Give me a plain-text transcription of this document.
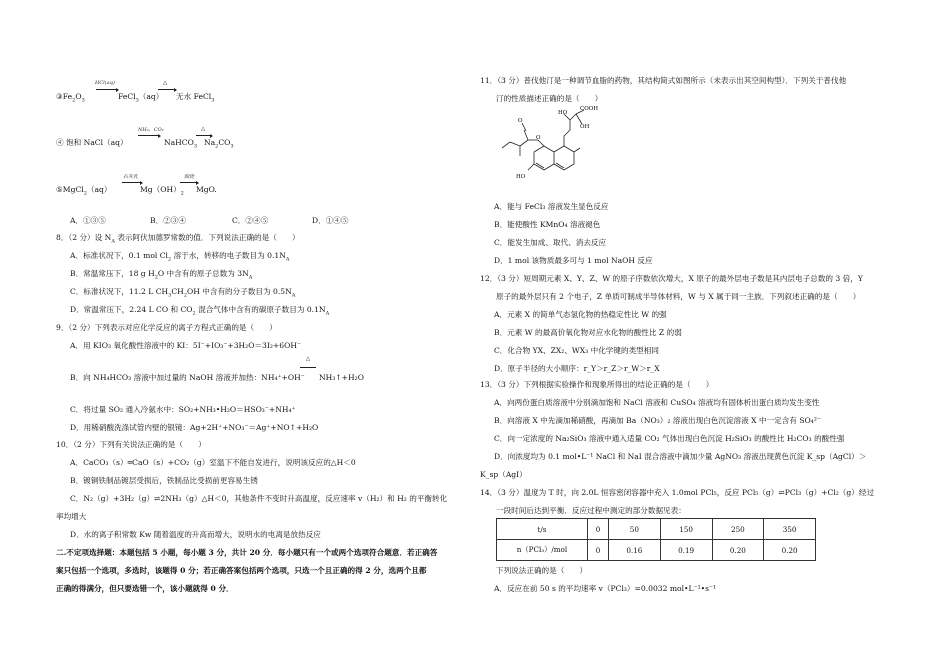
HCl(aq)	△
$③Fe_2O_3$	FeCl$_3$（aq） 无水 FeCl$_3$
NH₃、CO₂	△
④ 饱和 NaCl（aq）	NaHCO$_3$ $Na_2CO_3$
石灰乳	煅烧
⑤MgCl$_2$（aq）	$Mg(OH)_2$ MgO.
A．①③⑤	B．②③④	C．②④⑤	D．①④⑤
8．（2 分）设 $N_A$ 表示阿伏加德罗常数的值．下列说法正确的是（　　）
A．标准状况下，0.1 mol $Cl_2$ 溶于水，转移的电子数目为 $0.1N_A$
B．常温常压下，18 g $H_2O$ 中含有的原子总数为 $3N_A$
C．标准状况下，11.2 L $CH_3CH_2OH$ 中含有的分子数目为 $0.5N_A$
D．常温常压下，2.24 L CO 和 $CO_2$ 混合气体中含有的碳原子数目为 $0.1N_A$
9．（2 分）下列表示对应化学反应的离子方程式正确的是（　　）
A．用 KIO₃ 氧化酸性溶液中的 KI：5I⁻+IO₃⁻+3H₂O＝3I₂+6OH⁻
△
B．向 NH₄HCO₃ 溶液中加过量的 NaOH 溶液并加热：NH₄⁺+OH⁻ NH₃↑+H₂O
C．将过量 SO₂ 通入冷氨水中：SO₂+NH₃•H₂O＝HSO₃⁻+NH₄⁺
D．用稀硝酸洗涤试管内壁的银镜：Ag+2H⁺+NO₃⁻＝Ag⁺+NO↑+H₂O
10．（2 分）下列有关说法正确的是（　　）
A．CaCO₃（s）═CaO（s）+CO₂（g）室温下不能自发进行，说明该反应的△H＜0
B．镀铜铁制品镀层受损后，铁制品比受损前更容易生锈
C．N₂（g）+3H₂（g）⇌2NH₃（g）△H＜0，其他条件不变时升高温度，反应速率 v（H₂）和 H₂ 的平衡转化
率均增大
D．水的离子积常数 Kw 随着温度的升高而增大，说明水的电离是放热反应
二.不定项选择题：本题包括 5 小题，每小题 3 分，共计 20 分．每小题只有一个或两个选项符合题意．若正确答
案只包括一个选项，多选时，该题得 0 分；若正确答案包括两个选项，只选一个且正确的得 2 分，选两个且都
正确的得满分，但只要选错一个，该小题就得 0 分．
11．（3 分）普伐他汀是一种调节血脂的药物，其结构简式如图所示（未表示出其空间构型）．下列关于普伐他
汀的性质描述正确的是（　　）
HO
COOH
OH
O
O
HO
A．能与 FeCl₃ 溶液发生显色反应
B．能使酸性 KMnO₄ 溶液褪色
C．能发生加成、取代、消去反应
D．1 mol 该物质最多可与 1 mol NaOH 反应
12．（3 分）短周期元素 X、Y、Z、W 的原子序数依次增大，X 原子的最外层电子数是其内层电子总数的 3 倍，Y
原子的最外层只有 2 个电子，Z 单质可制成半导体材料，W 与 X 属于同一主族．下列叙述正确的是（　　）
A．元素 X 的简单气态氢化物的热稳定性比 W 的强
B．元素 W 的最高价氧化物对应水化物的酸性比 Z 的弱
C．化合物 YX、ZX₂、WX₃ 中化学键的类型相同
D．原子半径的大小顺序：r_Y＞r_Z＞r_W＞r_X
13．（3 分）下列根据实验操作和现象所得出的结论正确的是（　　）
A．向两份蛋白质溶液中分别滴加饱和 NaCl 溶液和 CuSO₄ 溶液均有固体析出蛋白质均发生变性
B．向溶液 X 中先滴加稀硝酸，再滴加 Ba（NO₃）₂ 溶液出现白色沉淀溶液 X 中一定含有 SO₄²⁻
C．向一定浓度的 Na₂SiO₃ 溶液中通入适量 CO₂ 气体出现白色沉淀 H₂SiO₃ 的酸性比 H₂CO₃ 的酸性强
D．向浓度均为 0.1 mol•L⁻¹ NaCl 和 NaI 混合溶液中滴加少量 AgNO₃ 溶液出现黄色沉淀 K_sp（AgCl）＞
K_sp（AgI）
14．（3 分）温度为 T 时，向 2.0L 恒容密闭容器中充入 1.0mol PCl₅，反应 PCl₅（g）⇌PCl₃（g）+Cl₂（g）经过
一段时间后达到平衡．反应过程中测定的部分数据见表：
t/s	0	50	150	250	350
n（PCl₃）/mol	0	0.16	0.19	0.20	0.20
下列说法正确的是（　　）
A．反应在前 50 s 的平均速率 v（PCl₃）=0.0032 mol•L⁻¹•s⁻¹
